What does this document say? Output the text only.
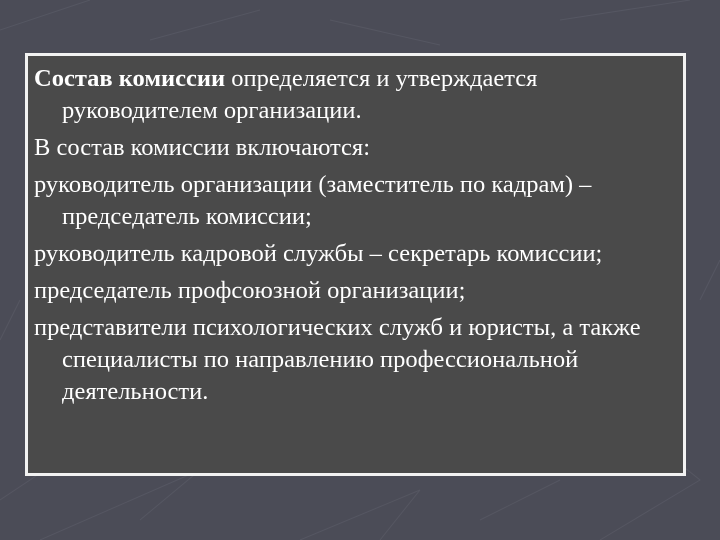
Состав комиссии определяется и утверждается руководителем организации.

В состав комиссии включаются:

руководитель организации (заместитель по кадрам) – председатель комиссии;

руководитель кадровой службы – секретарь комиссии;

председатель профсоюзной организации;

представители психологических служб и юристы, а также специалисты по направлению профессиональной деятельности.
